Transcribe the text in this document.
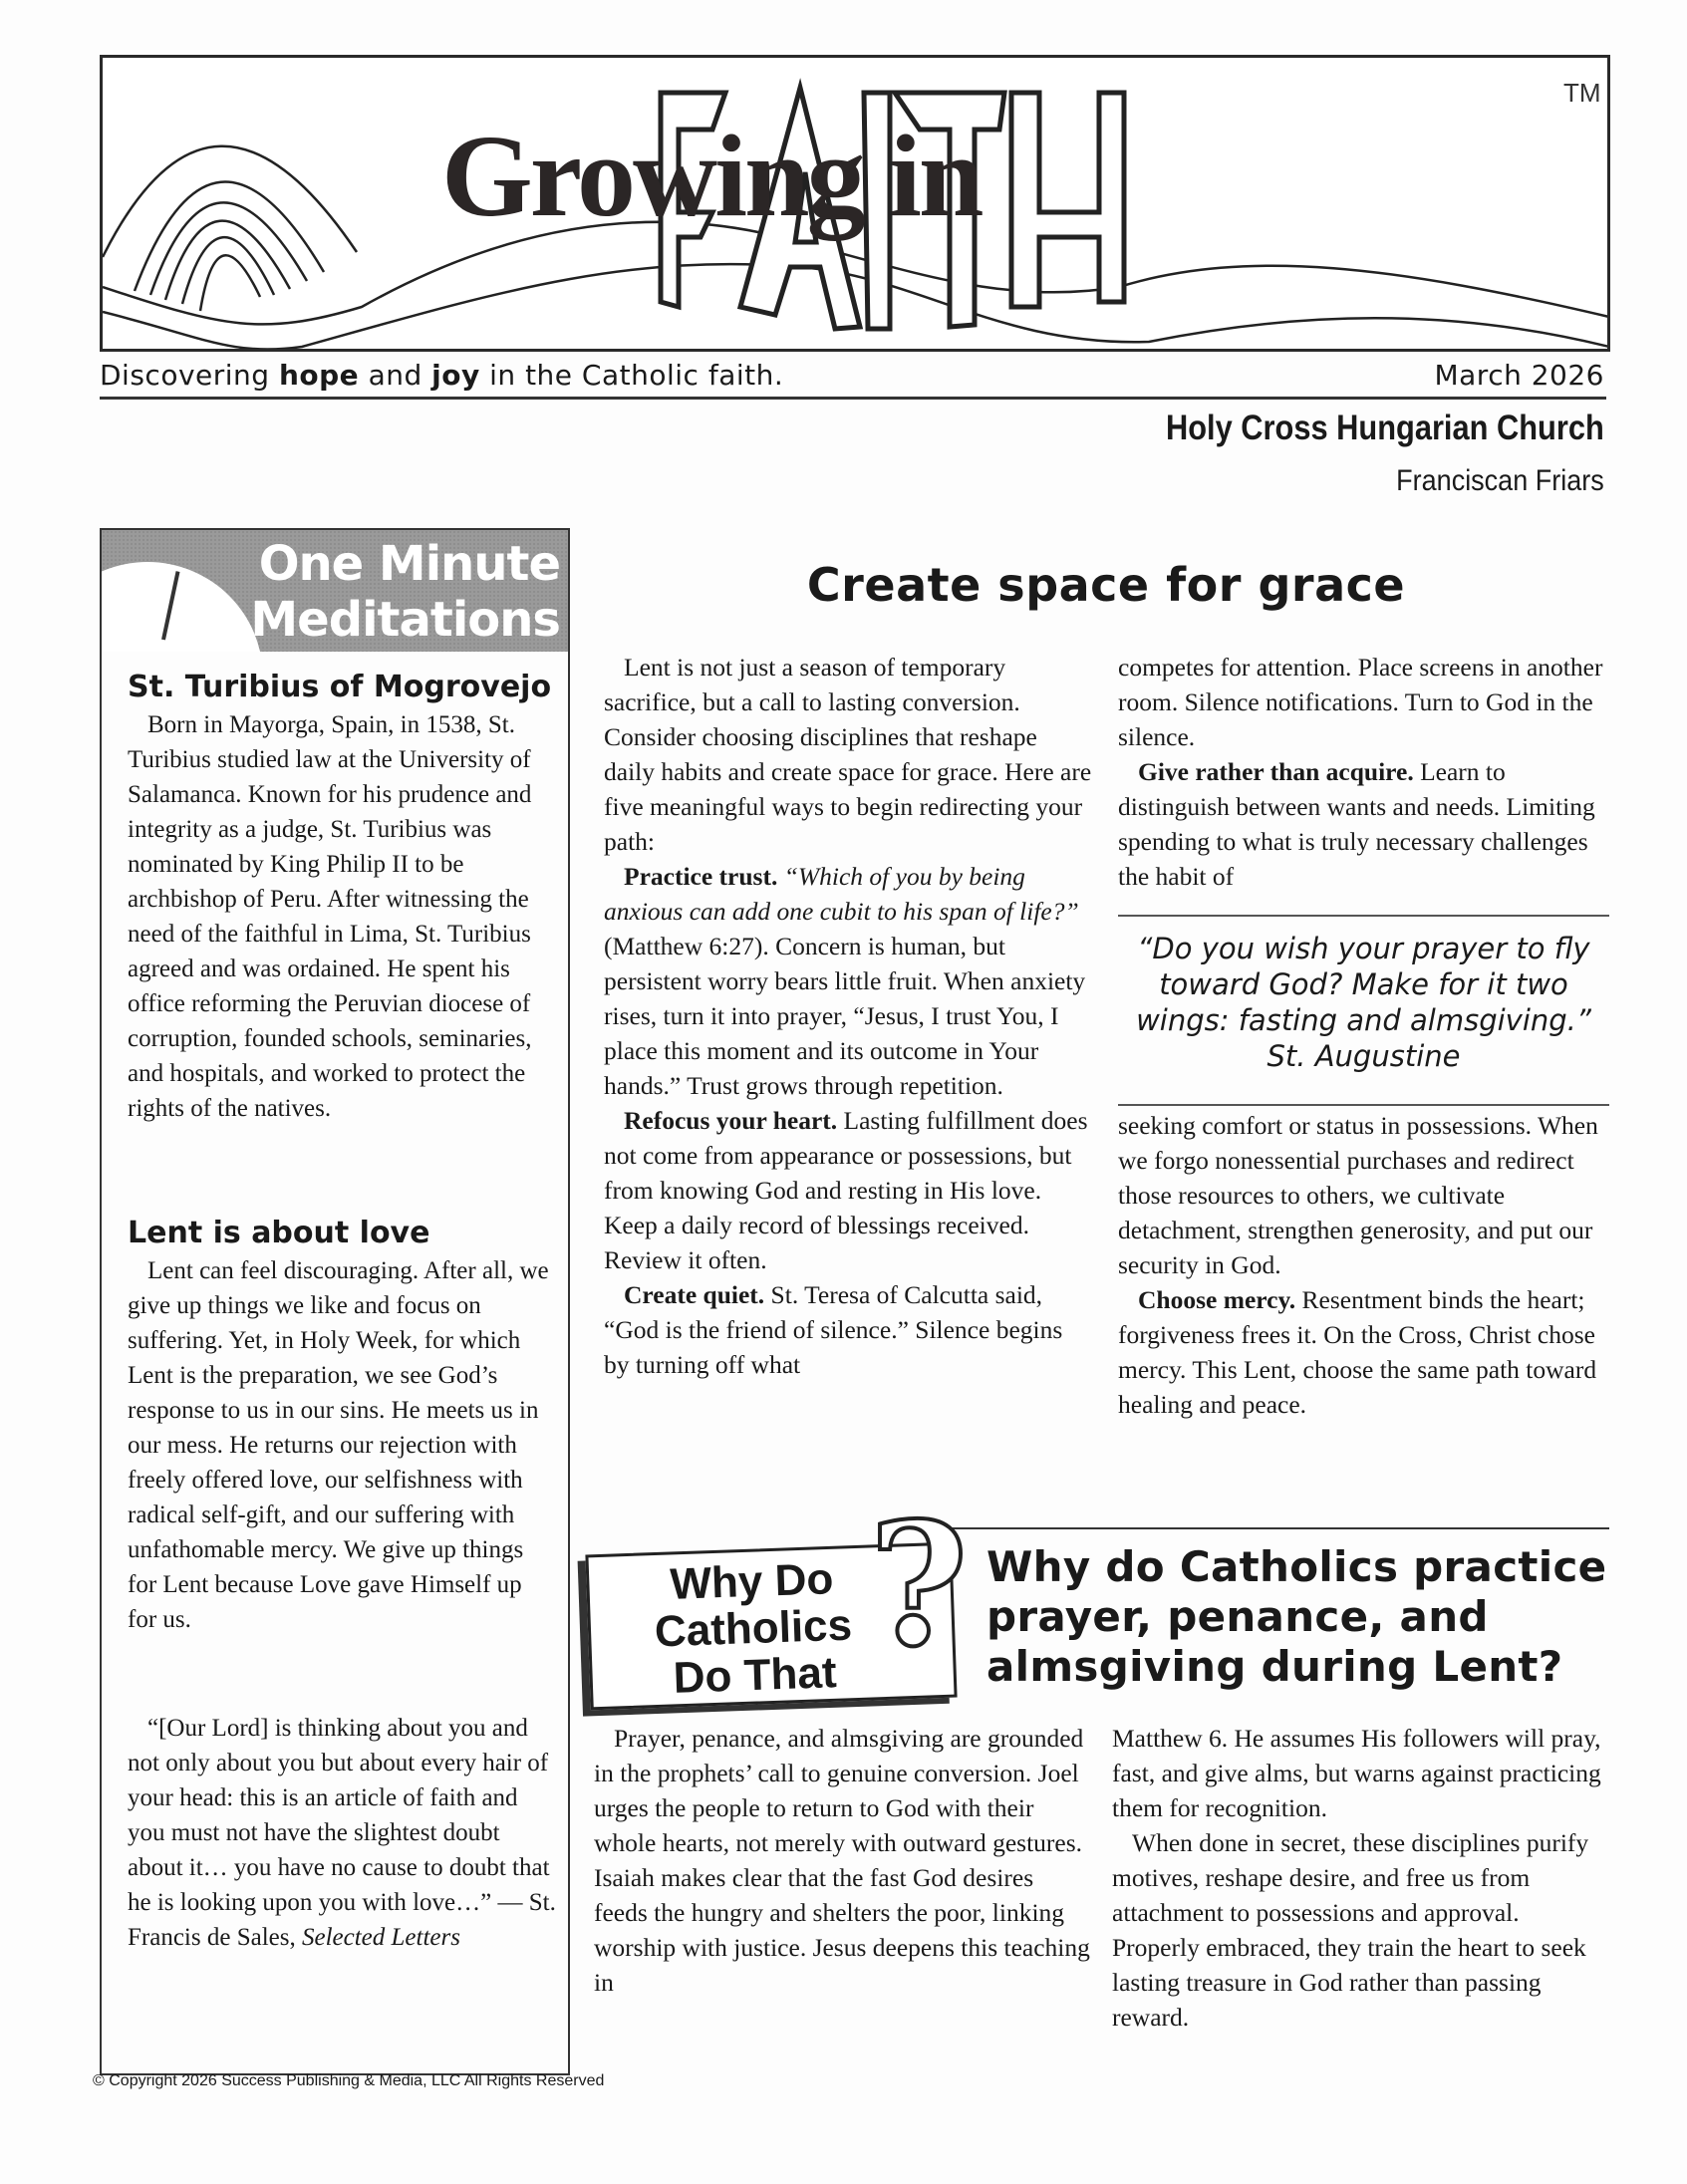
Growing in
TM
Discovering hope and joy in the Catholic faith.	March 2026
Holy Cross Hungarian Church
Franciscan Friars
One Minute
Meditations
St. Turibius of Mogrovejo
Born in Mayorga, Spain, in 1538, St. Turibius studied law at the University of Salamanca. Known for his prudence and integrity as a judge, St. Turibius was nominated by King Philip II to be archbishop of Peru. After witnessing the need of the faithful in Lima, St. Turibius agreed and was ordained. He spent his office reforming the Peruvian diocese of corruption, founded schools, seminaries, and hospitals, and worked to protect the rights of the natives.
Lent is about love
Lent can feel discouraging. After all, we give up things we like and focus on suffering. Yet, in Holy Week, for which Lent is the preparation, we see God’s response to us in our sins. He meets us in our mess. He returns our rejection with freely offered love, our selfishness with radical self-gift, and our suffering with unfathomable mercy. We give up things for Lent because Love gave Himself up for us.
“[Our Lord] is thinking about you and not only about you but about every hair of your head: this is an article of faith and you must not have the slightest doubt about it… you have no cause to doubt that he is looking upon you with love…” — St. Francis de Sales, Selected Letters
Create space for grace

Lent is not just a season of temporary sacrifice, but a call to lasting conversion. Consider choosing disciplines that reshape daily habits and create space for grace. Here are five meaningful ways to begin redirecting your path:

Practice trust. “Which of you by being anxious can add one cubit to his span of life?” (Matthew 6:27). Concern is human, but persistent worry bears little fruit. When anxiety rises, turn it into prayer, “Jesus, I trust You, I place this moment and its outcome in Your hands.” Trust grows through repetition.

Refocus your heart. Lasting fulfillment does not come from appearance or possessions, but from knowing God and resting in His love. Keep a daily record of blessings received. Review it often.

Create quiet. St. Teresa of Calcutta said, “God is the friend of silence.” Silence begins by turning off what

competes for attention. Place screens in another room. Silence notifications. Turn to God in the silence.

Give rather than acquire. Learn to distinguish between wants and needs. Limiting spending to what is truly necessary challenges the habit of

“Do you wish your prayer to fly toward God? Make for it two wings: fasting and almsgiving.”
St. Augustine

seeking comfort or status in possessions. When we forgo nonessential purchases and redirect those resources to others, we cultivate detachment, strengthen generosity, and put our security in God.

Choose mercy. Resentment binds the heart; forgiveness frees it. On the Cross, Christ chose mercy. This Lent, choose the same path toward healing and peace.

Why Do
Catholics
Do That ? Why do Catholics practice prayer, penance, and almsgiving during Lent?

Prayer, penance, and almsgiving are grounded in the prophets’ call to genuine conversion. Joel urges the people to return to God with their whole hearts, not merely with outward gestures. Isaiah makes clear that the fast God desires feeds the hungry and shelters the poor, linking worship with justice. Jesus deepens this teaching in

Matthew 6. He assumes His followers will pray, fast, and give alms, but warns against practicing them for recognition.

When done in secret, these disciplines purify motives, reshape desire, and free us from attachment to possessions and approval. Properly embraced, they train the heart to seek lasting treasure in God rather than passing reward.

© Copyright 2026 Success Publishing & Media, LLC All Rights Reserved
